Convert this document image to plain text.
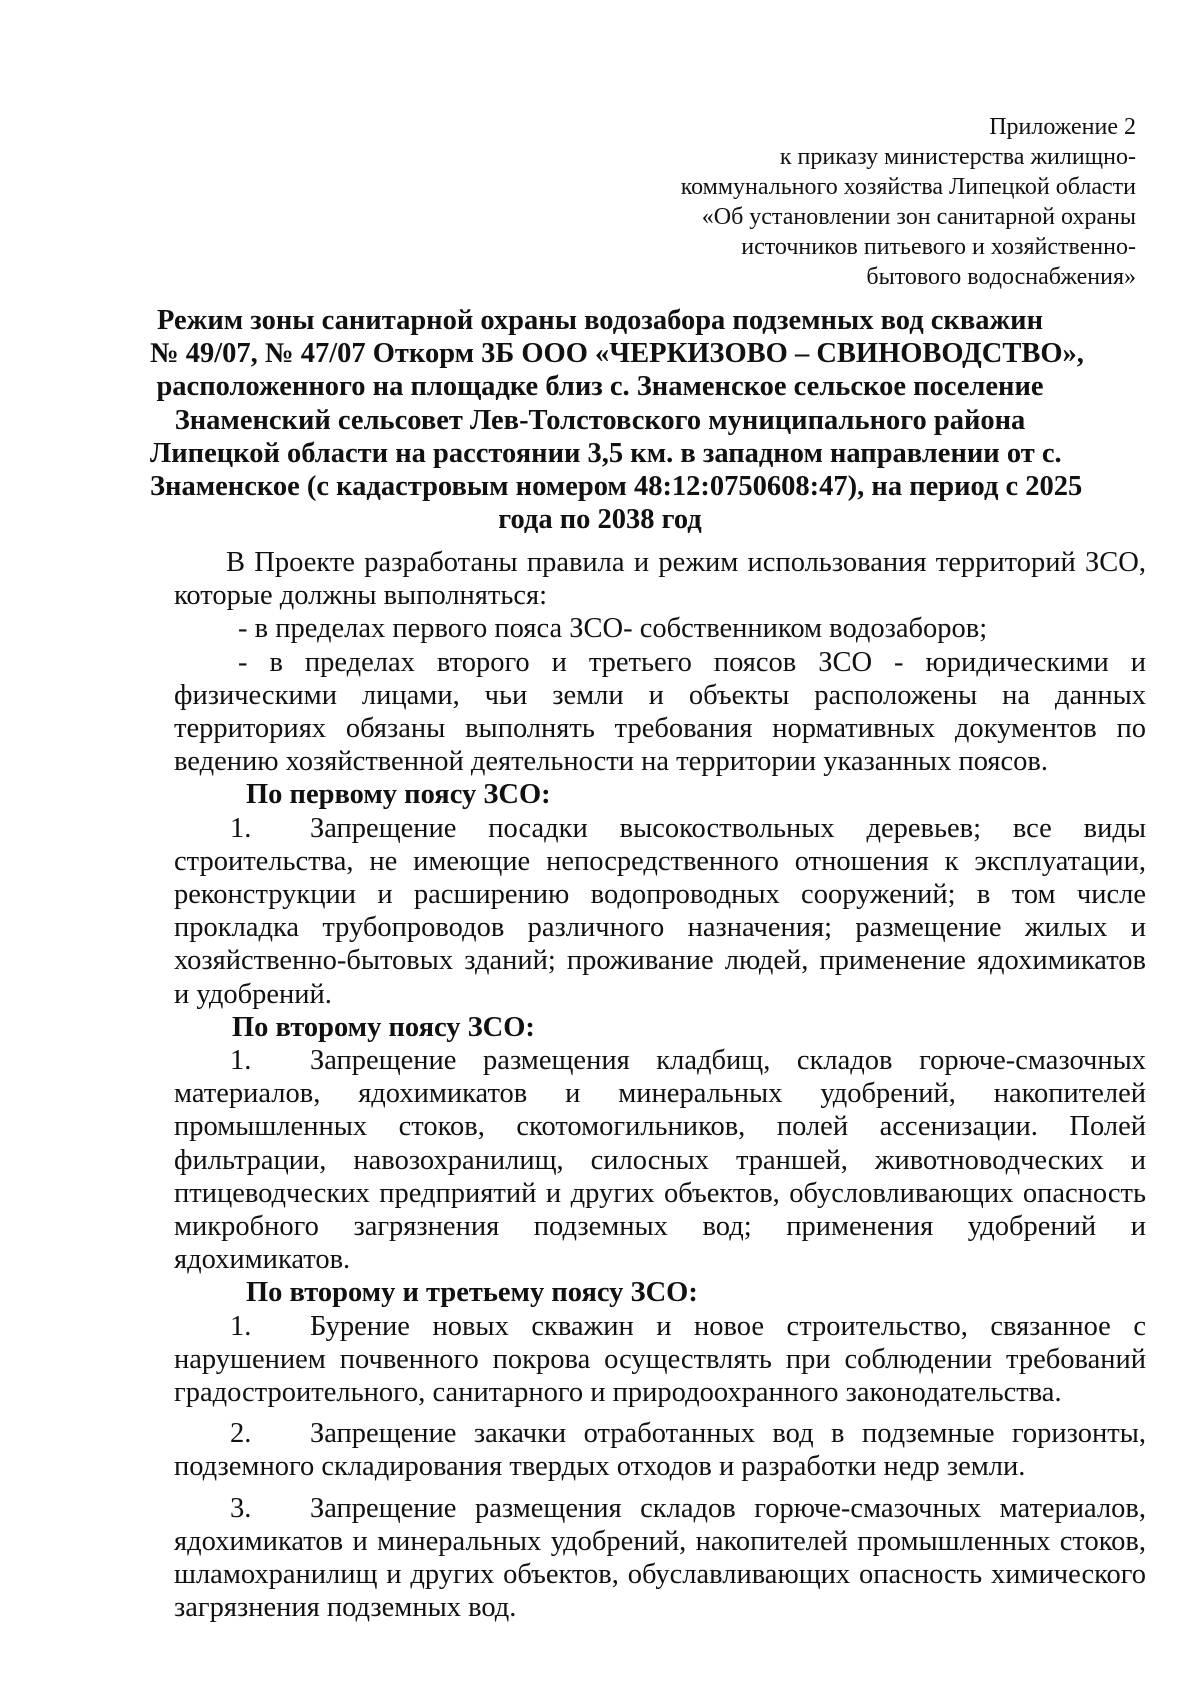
Приложение 2
к приказу министерства жилищно-
коммунального хозяйства Липецкой области
«Об установлении зон санитарной охраны
источников питьевого и хозяйственно-
бытового водоснабжения»
Режим зоны санитарной охраны водозабора подземных вод скважин
№ 49/07, № 47/07 Откорм 3Б ООО «ЧЕРКИЗОВО – СВИНОВОДСТВО»,
расположенного на площадке близ с. Знаменское сельское поселение
Знаменский сельсовет Лев-Толстовского муниципального района
Липецкой области на расстоянии 3,5 км. в западном направлении от с.
Знаменское (с кадастровым номером 48:12:0750608:47), на период с 2025
года по 2038 год

В Проекте разработаны правила и режим использования территорий ЗСО, которые должны выполняться:

- в пределах первого пояса ЗСО- собственником водозаборов;

- в пределах второго и третьего поясов ЗСО - юридическими и физическими лицами, чьи земли и объекты расположены на данных территориях обязаны выполнять требования нормативных документов по ведению хозяйственной деятельности на территории указанных поясов.

По первому поясу ЗСО:

1. Запрещение посадки высокоствольных деревьев; все виды строительства, не имеющие непосредственного отношения к эксплуатации, реконструкции и расширению водопроводных сооружений; в том числе прокладка трубопроводов различного назначения; размещение жилых и хозяйственно-бытовых зданий; проживание людей, применение ядохимикатов и удобрений.

По второму поясу ЗСО:

1. Запрещение размещения кладбищ, складов горюче-смазочных материалов, ядохимикатов и минеральных удобрений, накопителей промышленных стоков, скотомогильников, полей ассенизации. Полей фильтрации, навозохранилищ, силосных траншей, животноводческих и птицеводческих предприятий и других объектов, обусловливающих опасность микробного загрязнения подземных вод; применения удобрений и ядохимикатов.

По второму и третьему поясу ЗСО:

1. Бурение новых скважин и новое строительство, связанное с нарушением почвенного покрова осуществлять при соблюдении требований градостроительного, санитарного и природоохранного законодательства.

2. Запрещение закачки отработанных вод в подземные горизонты, подземного складирования твердых отходов и разработки недр земли.

3. Запрещение размещения складов горюче-смазочных материалов, ядохимикатов и минеральных удобрений, накопителей промышленных стоков, шламохранилищ и других объектов, обуславливающих опасность химического загрязнения подземных вод.
